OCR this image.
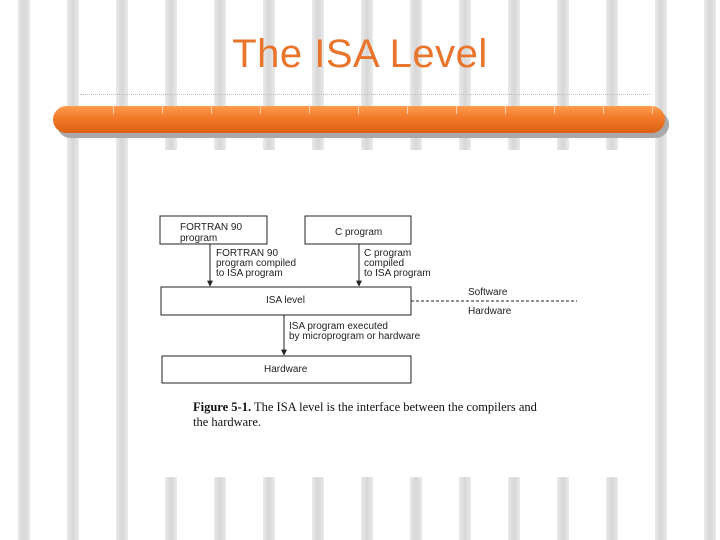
The ISA Level
FORTRAN 90
program
C program
FORTRAN 90
program compiled
to ISA program
C program
compiled
to ISA program
ISA level
Software
Hardware
ISA program executed
by microprogram or hardware
Hardware
Figure 5-1. The ISA level is the interface between the compilers and the hardware.
